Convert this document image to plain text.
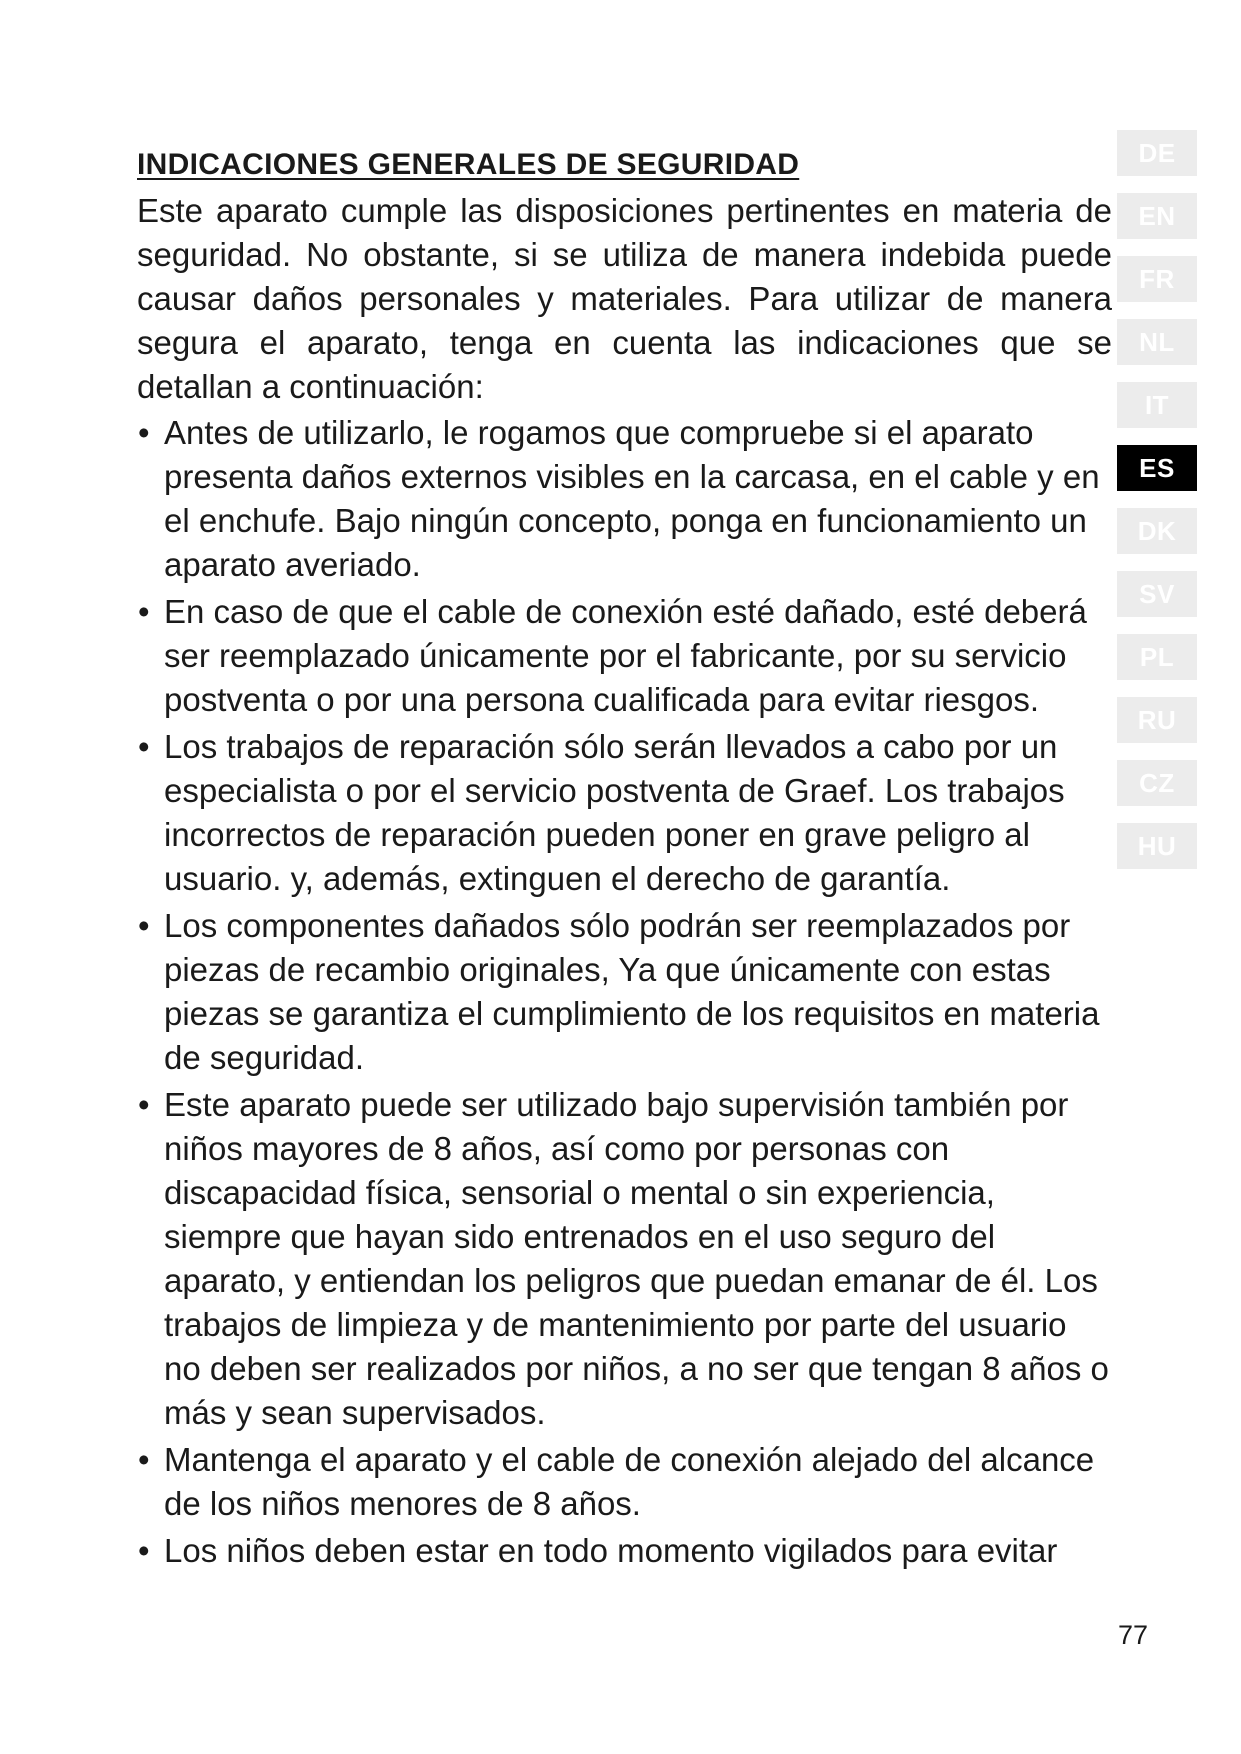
INDICACIONES GENERALES DE SEGURIDAD

Este aparato cumple las disposiciones pertinentes en materia de seguridad. No obstante, si se utiliza de manera indebida puede causar daños personales y materiales. Para utilizar de manera segura el aparato, tenga en cuenta las indicaciones que se detallan a continuación:

• Antes de utilizarlo, le rogamos que compruebe si el aparato presenta daños externos visibles en la carcasa, en el cable y en el enchufe. Bajo ningún concepto, ponga en funcionamiento un aparato averiado.
• En caso de que el cable de conexión esté dañado, esté deberá ser reemplazado únicamente por el fabricante, por su servicio postventa o por una persona cualificada para evitar riesgos.
• Los trabajos de reparación sólo serán llevados a cabo por un especialista o por el servicio postventa de Graef. Los trabajos incorrectos de reparación pueden poner en grave peligro al usuario. y, además, extinguen el derecho de garantía.
• Los componentes dañados sólo podrán ser reemplazados por piezas de recambio originales, Ya que únicamente con estas piezas se garantiza el cumplimiento de los requisitos en materia de seguridad.
• Este aparato puede ser utilizado bajo supervisión también por niños mayores de 8 años, así como por personas con discapacidad física, sensorial o mental o sin experiencia, siempre que hayan sido entrenados en el uso seguro del aparato, y entiendan los peligros que puedan emanar de él. Los trabajos de limpieza y de mantenimiento por parte del usuario no deben ser realizados por niños, a no ser que tengan 8 años o más y sean supervisados.
• Mantenga el aparato y el cable de conexión alejado del alcance de los niños menores de 8 años.
• Los niños deben estar en todo momento vigilados para evitar
DE
EN
FR
NL
IT
ES
DK
SV
PL
RU
CZ
HU
77
